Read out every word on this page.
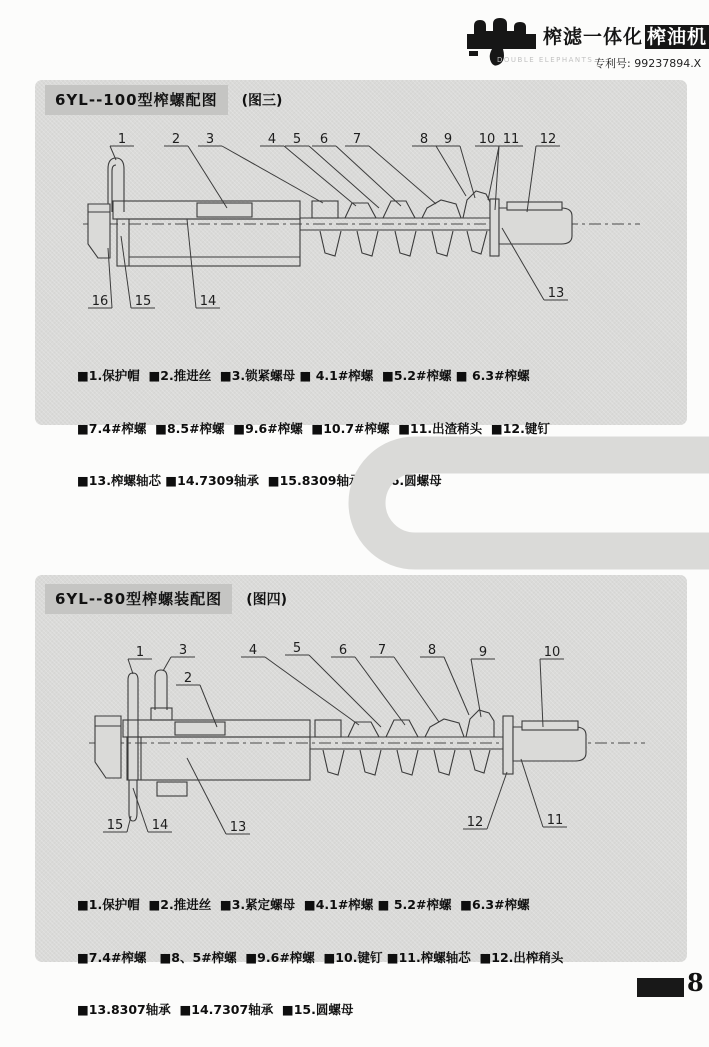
榨滤一体化 榨油机
DOUBLE ELEPHANTS 专利号: 99237894.X
6YL--100型榨螺配图	(图三)
1	2 3	4 5 6 7	8 9 10 11 12
13
14
15
16

■1.保护帽  ■2.推进丝  ■3.锁紧螺母 ■ 4.1#榨螺  ■5.2#榨螺 ■ 6.3#榨螺

■7.4#榨螺  ■8.5#榨螺  ■9.6#榨螺  ■10.7#榨螺  ■11.出渣稍头  ■12.键钉

■13.榨螺轴芯 ■14.7309轴承  ■15.8309轴承  ■16.圆螺母

6YL--80型榨螺装配图	(图四)
1	3
2
4	5	6 7	8	9	10
11
12
13
14
15

■1.保护帽  ■2.推进丝  ■3.紧定螺母  ■4.1#榨螺 ■ 5.2#榨螺  ■6.3#榨螺

■7.4#榨螺   ■8、5#榨螺  ■9.6#榨螺  ■10.键钉 ■11.榨螺轴芯  ■12.出榨稍头

■13.8307轴承  ■14.7307轴承  ■15.圆螺母

8
